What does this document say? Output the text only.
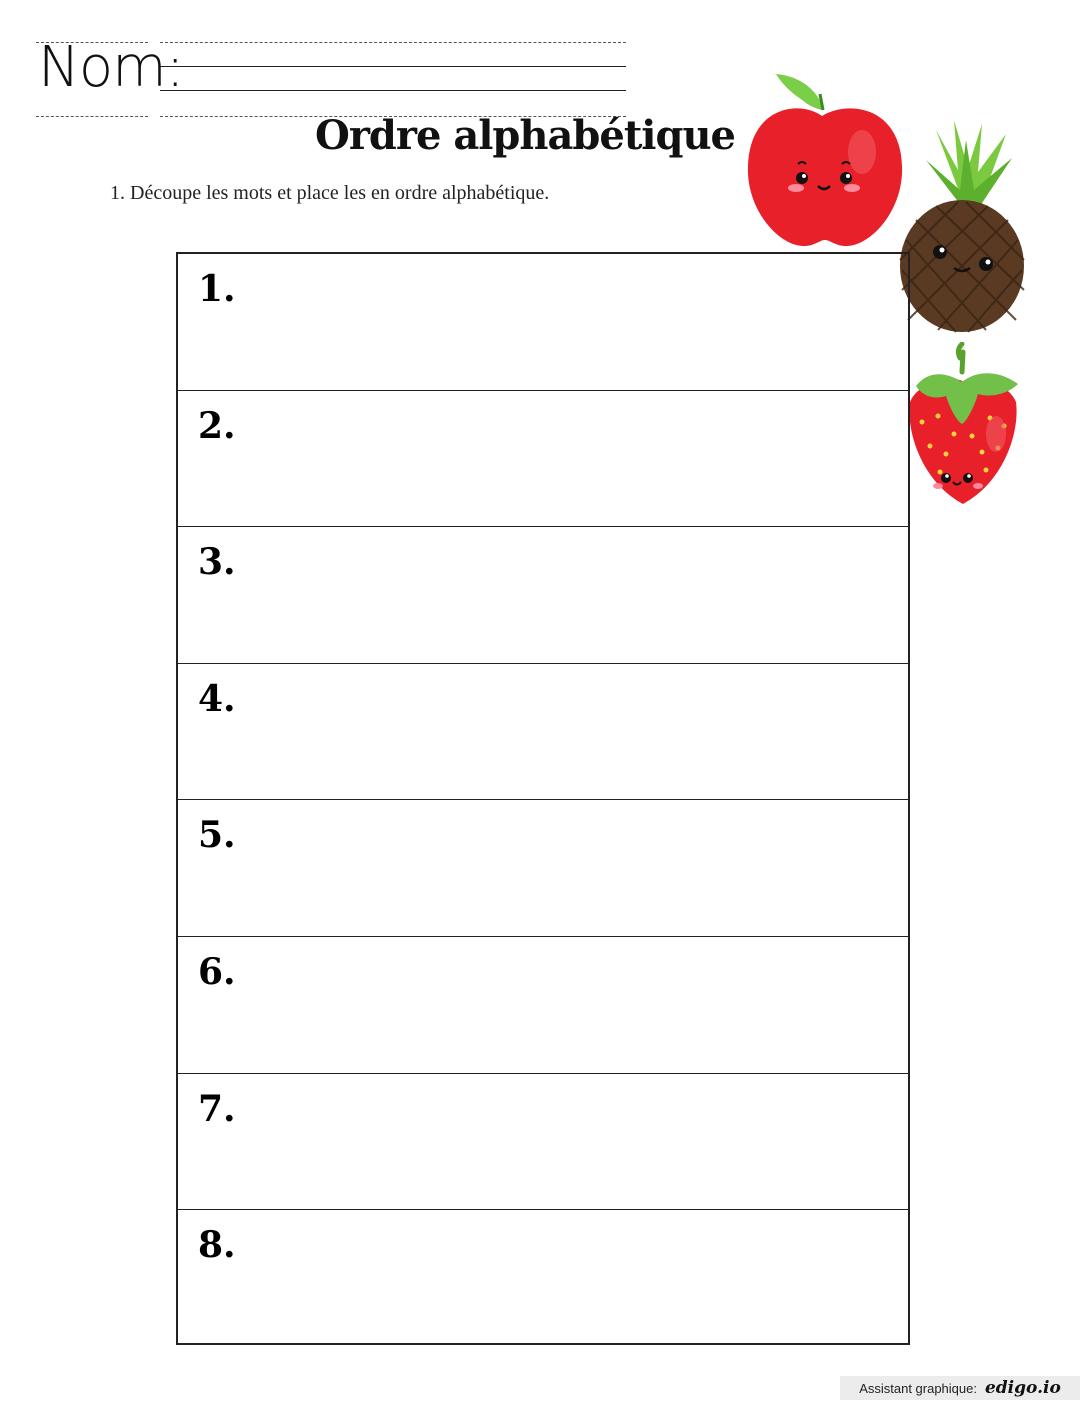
Nom:
Ordre alphabétique
1. Découpe les mots et place les en ordre alphabétique.
1.
2.
3.
4.
5.
6.
7.
8.
Assistant graphique: edigo.io
